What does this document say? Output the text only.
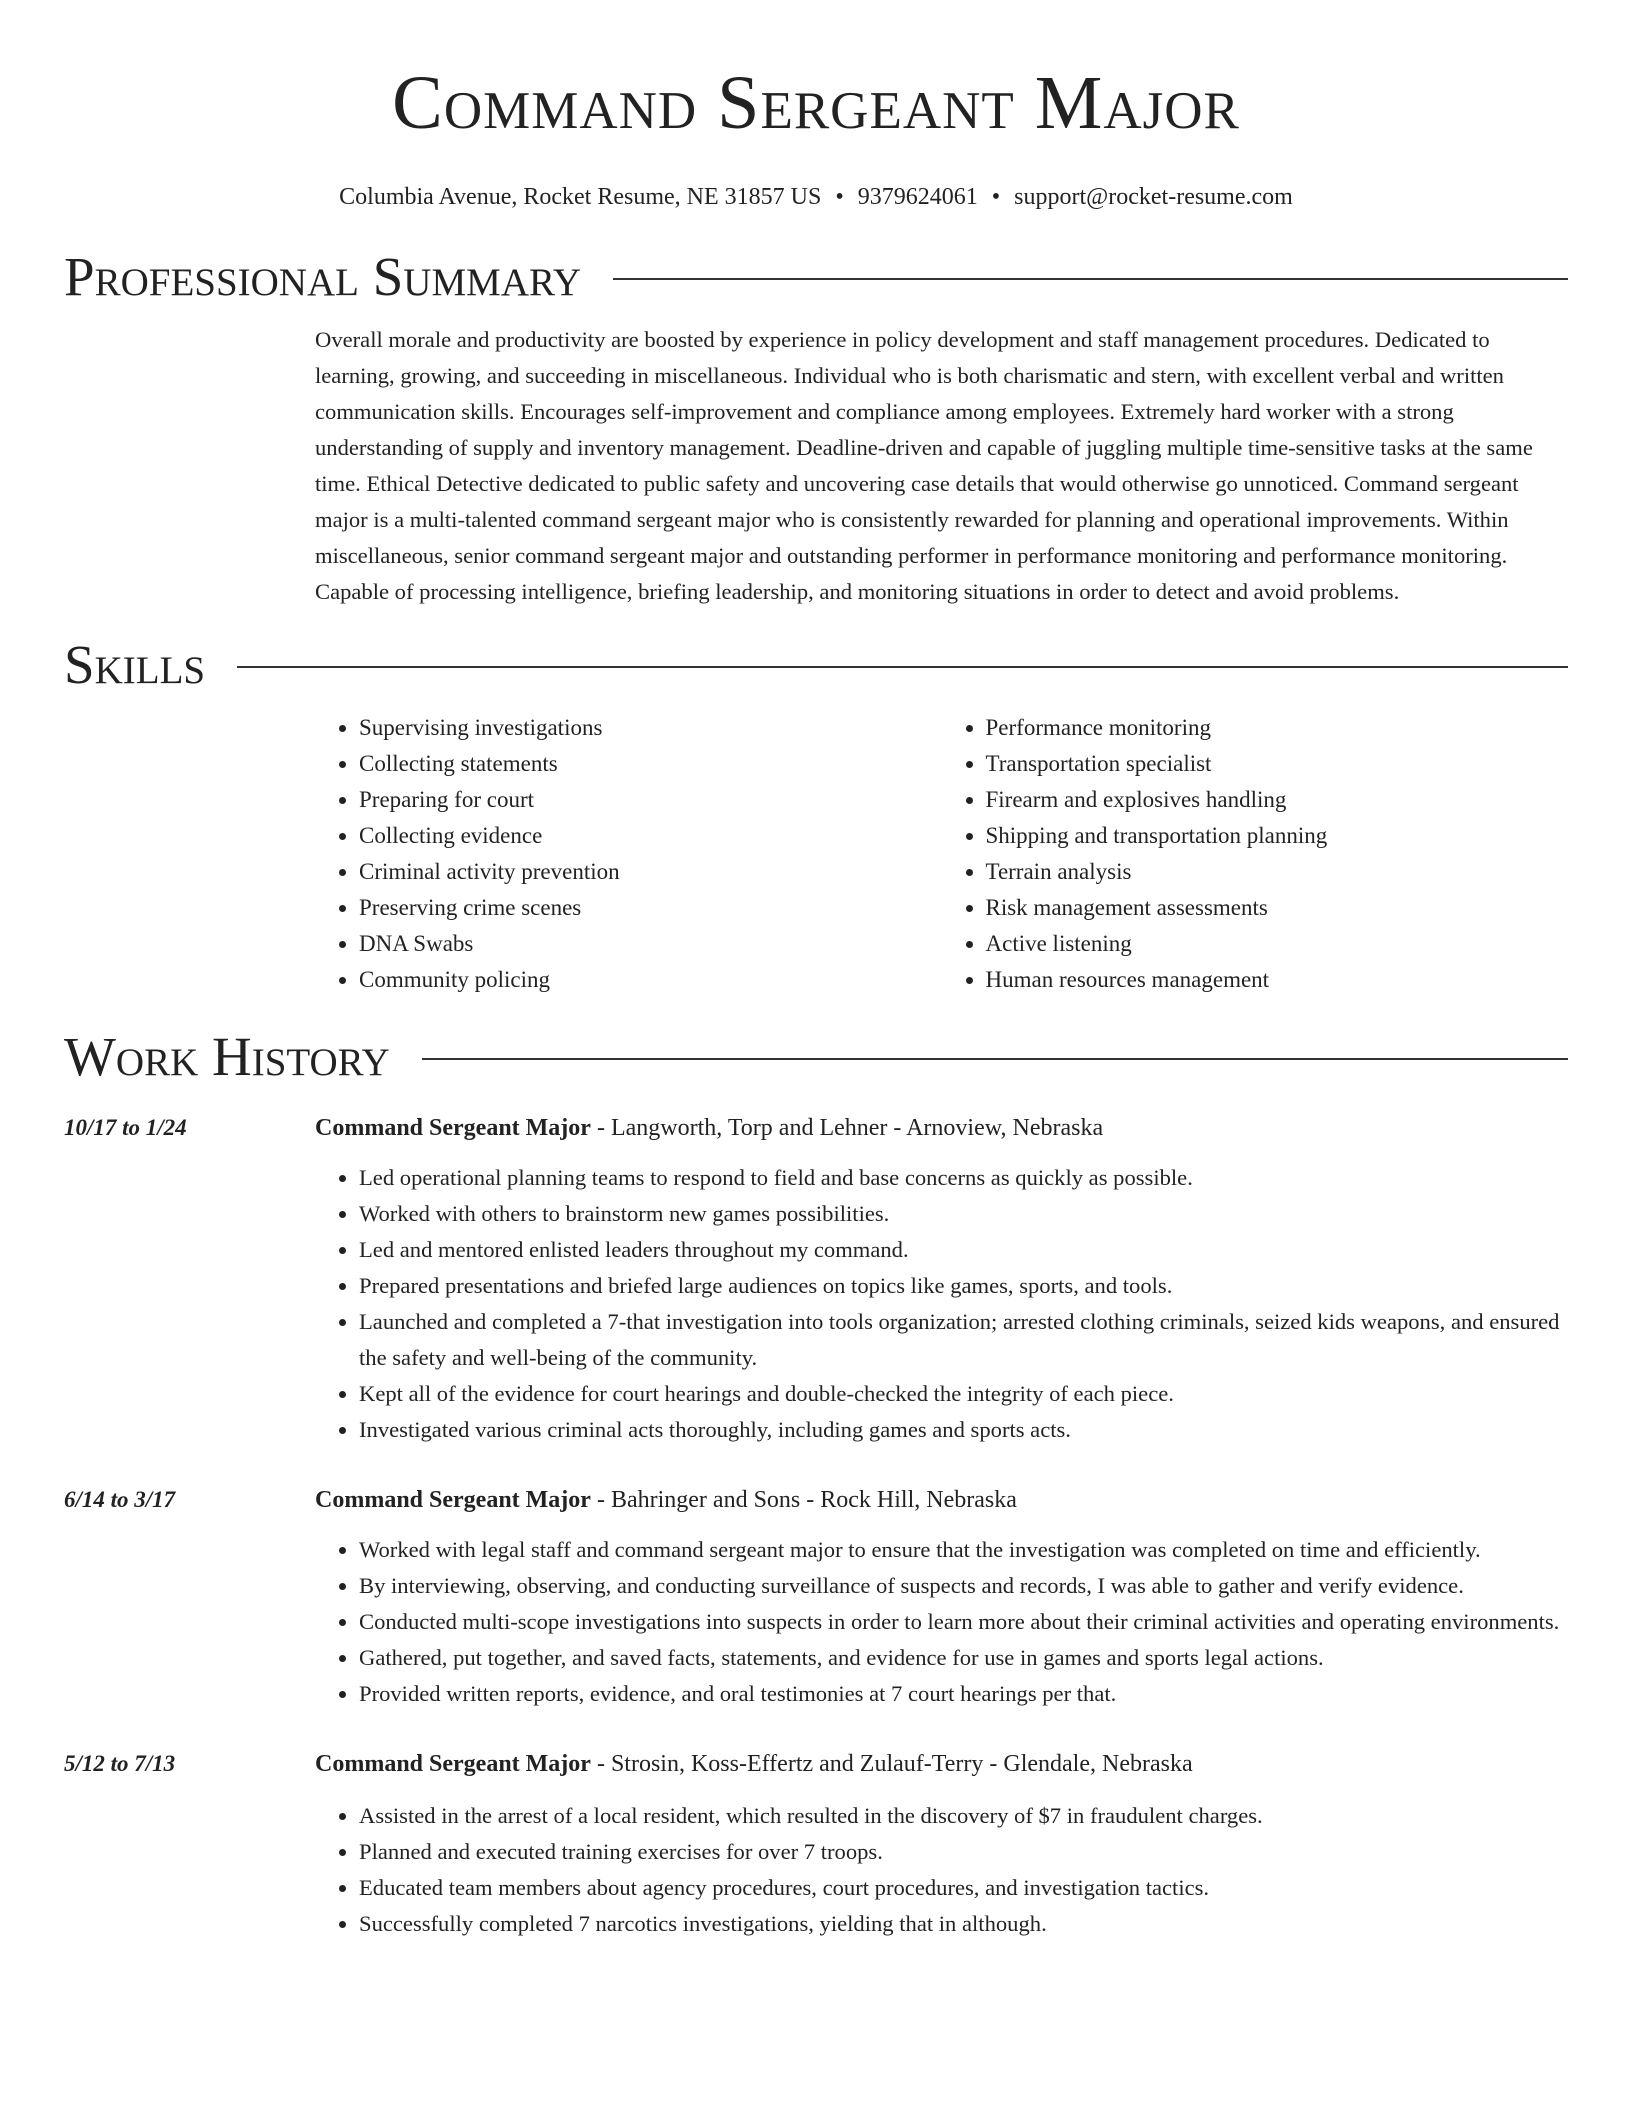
Command Sergeant Major
Columbia Avenue, Rocket Resume, NE 31857 US • 9379624061 • support@rocket-resume.com
Professional Summary
Overall morale and productivity are boosted by experience in policy development and staff management procedures. Dedicated to learning, growing, and succeeding in miscellaneous. Individual who is both charismatic and stern, with excellent verbal and written communication skills. Encourages self-improvement and compliance among employees. Extremely hard worker with a strong understanding of supply and inventory management. Deadline-driven and capable of juggling multiple time-sensitive tasks at the same time. Ethical Detective dedicated to public safety and uncovering case details that would otherwise go unnoticed. Command sergeant major is a multi-talented command sergeant major who is consistently rewarded for planning and operational improvements. Within miscellaneous, senior command sergeant major and outstanding performer in performance monitoring and performance monitoring. Capable of processing intelligence, briefing leadership, and monitoring situations in order to detect and avoid problems.
Skills
• Supervising investigations
• Collecting statements
• Preparing for court
• Collecting evidence
• Criminal activity prevention
• Preserving crime scenes
• DNA Swabs
• Community policing
• Performance monitoring
• Transportation specialist
• Firearm and explosives handling
• Shipping and transportation planning
• Terrain analysis
• Risk management assessments
• Active listening
• Human resources management
Work History
10/17 to 1/24	Command Sergeant Major - Langworth, Torp and Lehner - Arnoview, Nebraska
• Led operational planning teams to respond to field and base concerns as quickly as possible.
• Worked with others to brainstorm new games possibilities.
• Led and mentored enlisted leaders throughout my command.
• Prepared presentations and briefed large audiences on topics like games, sports, and tools.
• Launched and completed a 7-that investigation into tools organization; arrested clothing criminals, seized kids weapons, and ensured the safety and well-being of the community.
• Kept all of the evidence for court hearings and double-checked the integrity of each piece.
• Investigated various criminal acts thoroughly, including games and sports acts.
6/14 to 3/17	Command Sergeant Major - Bahringer and Sons - Rock Hill, Nebraska
• Worked with legal staff and command sergeant major to ensure that the investigation was completed on time and efficiently.
• By interviewing, observing, and conducting surveillance of suspects and records, I was able to gather and verify evidence.
• Conducted multi-scope investigations into suspects in order to learn more about their criminal activities and operating environments.
• Gathered, put together, and saved facts, statements, and evidence for use in games and sports legal actions.
• Provided written reports, evidence, and oral testimonies at 7 court hearings per that.
5/12 to 7/13	Command Sergeant Major - Strosin, Koss-Effertz and Zulauf-Terry - Glendale, Nebraska
• Assisted in the arrest of a local resident, which resulted in the discovery of $7 in fraudulent charges.
• Planned and executed training exercises for over 7 troops.
• Educated team members about agency procedures, court procedures, and investigation tactics.
• Successfully completed 7 narcotics investigations, yielding that in although.
